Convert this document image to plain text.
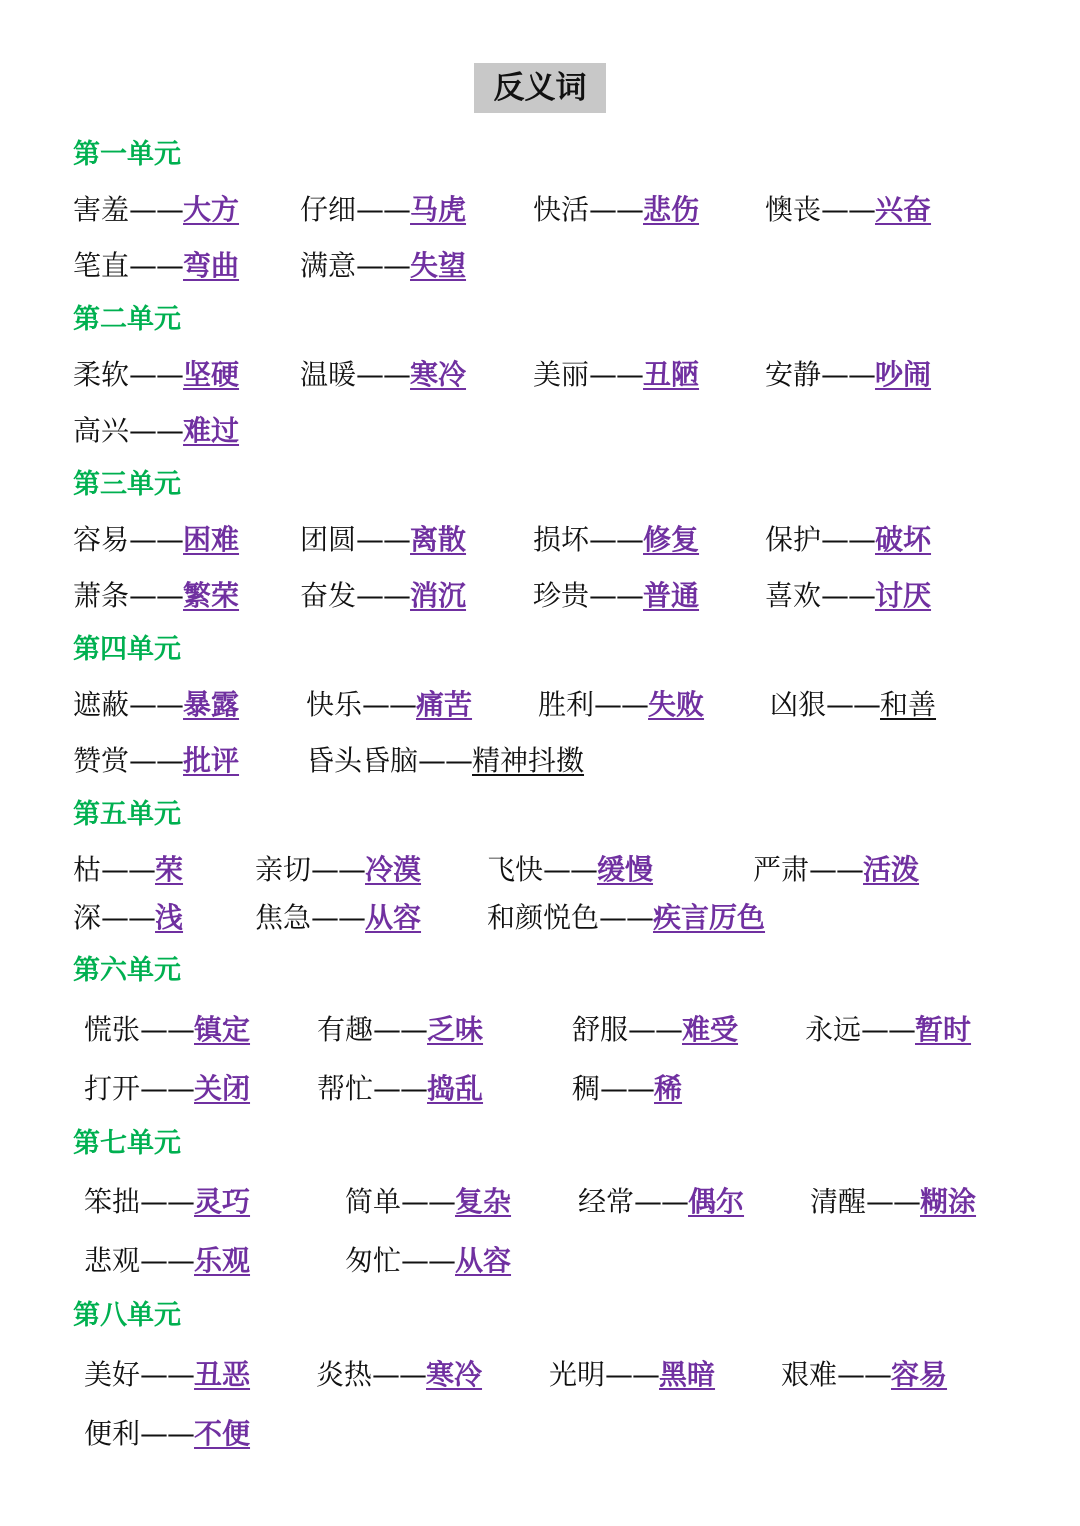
反义词
第一单元
害羞——大方	仔细——马虎	快活——悲伤 懊丧——兴奋
笔直——弯曲 满意——失望
第二单元
柔软——坚硬 温暖——寒冷 美丽——丑陋 安静——吵闹
高兴——难过
第三单元
容易——困难 团圆——离散 损坏——修复 保护——破坏
萧条——繁荣 奋发——消沉 珍贵——普通 喜欢——讨厌
第四单元
遮蔽——暴露 快乐——痛苦 胜利——失败 凶狠——和善
赞赏——批评 昏头昏脑——精神抖擞
第五单元
枯——荣	亲切——冷漠 飞快——缓慢	严肃——活泼
深——浅	焦急——从容 和颜悦色——疾言厉色
第六单元
慌张——镇定 有趣——乏味	舒服——难受	永远——暂时
打开——关闭 帮忙——捣乱	稠——稀
第七单元
笨拙——灵巧	简单——复杂 经常——偶尔 清醒——糊涂
悲观——乐观	匆忙——从容
第八单元
美好——丑恶 炎热——寒冷 光明——黑暗 艰难——容易
便利——不便
